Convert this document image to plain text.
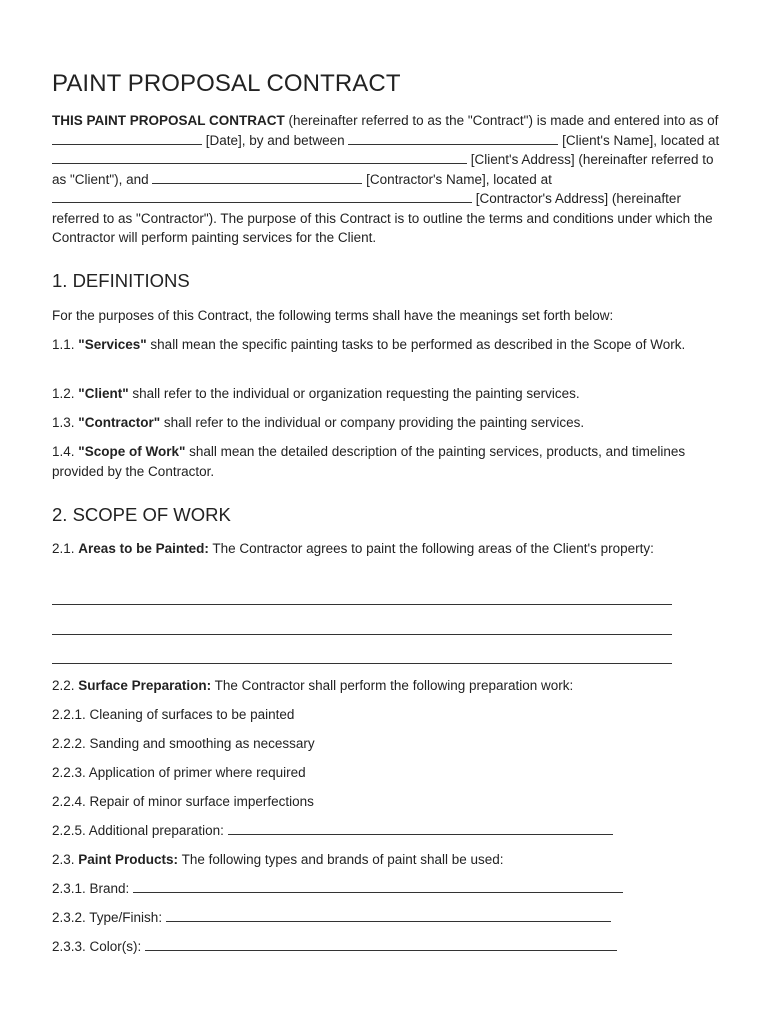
PAINT PROPOSAL CONTRACT

THIS PAINT PROPOSAL CONTRACT (hereinafter referred to as the "Contract") is made and entered into as of  [Date], by and between	[Client's Name], located at  [Client's Address] (hereinafter referred to as "Client"), and	[Contractor's Name], located at  [Contractor's Address] (hereinafter referred to as "Contractor"). The purpose of this Contract is to outline the terms and conditions under which the Contractor will perform painting services for the Client.

1. DEFINITIONS

For the purposes of this Contract, the following terms shall have the meanings set forth below:

1.1. "Services" shall mean the specific painting tasks to be performed as described in the Scope of Work.

1.2. "Client" shall refer to the individual or organization requesting the painting services.

1.3. "Contractor" shall refer to the individual or company providing the painting services.

1.4. "Scope of Work" shall mean the detailed description of the painting services, products, and timelines provided by the Contractor.

2. SCOPE OF WORK

2.1. Areas to be Painted: The Contractor agrees to paint the following areas of the Client's property:

2.2. Surface Preparation: The Contractor shall perform the following preparation work:

2.2.1. Cleaning of surfaces to be painted

2.2.2. Sanding and smoothing as necessary

2.2.3. Application of primer where required

2.2.4. Repair of minor surface imperfections

2.2.5. Additional preparation:

2.3. Paint Products: The following types and brands of paint shall be used:

2.3.1. Brand:

2.3.2. Type/Finish:

2.3.3. Color(s):
